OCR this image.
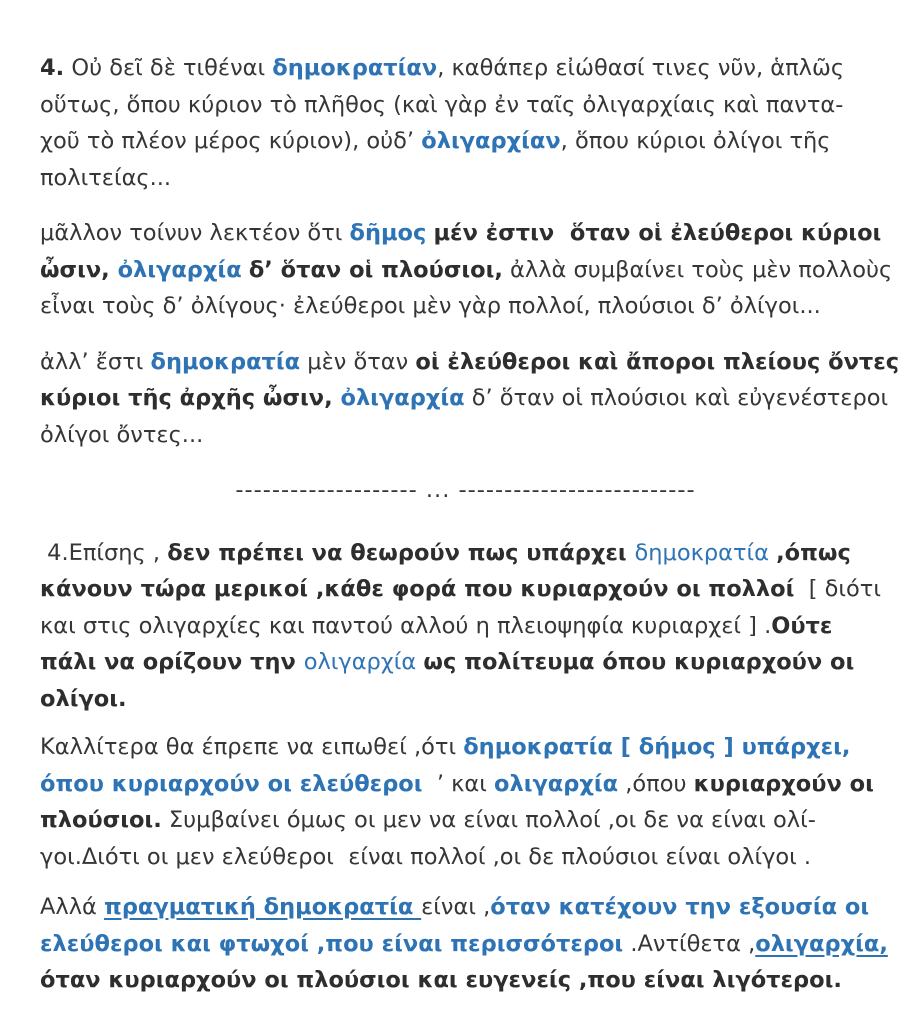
4. Οὐ δεῖ δὲ τιθέναι δημοκρατίαν, καθάπερ εἰώθασί τινες νῦν, ἁπλῶς
οὕτως, ὅπου κύριον τὸ πλῆθος (καὶ γὰρ ἐν ταῖς ὀλιγαρχίαις καὶ παντα-
χοῦ τὸ πλέον μέρος κύριον), οὐδ’ ὀλιγαρχίαν, ὅπου κύριοι ὀλίγοι τῆς
πολιτείας...
μᾶλλον τοίνυν λεκτέον ὅτι δῆμος μέν ἐστιν  ὅταν οἱ ἐλεύθεροι κύριοι
ὦσιν, ὀλιγαρχία δ’ ὅταν οἱ πλούσιοι, ἀλλὰ συμβαίνει τοὺς μὲν πολλοὺς
εἶναι τοὺς δ’ ὀλίγους· ἐλεύθεροι μὲν γὰρ πολλοί, πλούσιοι δ’ ὀλίγοι...
ἀλλ’ ἔστι δημοκρατία μὲν ὅταν οἱ ἐλεύθεροι καὶ ἄποροι πλείους ὄντες
κύριοι τῆς ἀρχῆς ὦσιν, ὀλιγαρχία δ’ ὅταν οἱ πλούσιοι καὶ εὐγενέστεροι
ὀλίγοι ὄντες...
-------------------- ... --------------------------
4.Επίσης , δεν πρέπει να θεωρούν πως υπάρχει δημοκρατία ,όπως
κάνουν τώρα μερικοί ,κάθε φορά που κυριαρχούν οι πολλοί  [ διότι
και στις ολιγαρχίες και παντού αλλού η πλειοψηφία κυριαρχεί ] .Ούτε
πάλι να ορίζουν την ολιγαρχία ως πολίτευμα όπου κυριαρχούν οι
ολίγοι.
Καλλίτερα θα έπρεπε να ειπωθεί ,ότι δημοκρατία [ δήμος ] υπάρχει,
όπου κυριαρχούν οι ελεύθεροι  ’ και ολιγαρχία ,όπου κυριαρχούν οι
πλούσιοι. Συμβαίνει όμως οι μεν να είναι πολλοί ,οι δε να είναι ολί-
γοι.Διότι οι μεν ελεύθεροι  είναι πολλοί ,οι δε πλούσιοι είναι ολίγοι .
Αλλά πραγματική δημοκρατία είναι ,όταν κατέχουν την εξουσία οι
ελεύθεροι και φτωχοί ,που είναι περισσότεροι .Αντίθετα ,ολιγαρχία,
όταν κυριαρχούν οι πλούσιοι και ευγενείς ,που είναι λιγότεροι.
